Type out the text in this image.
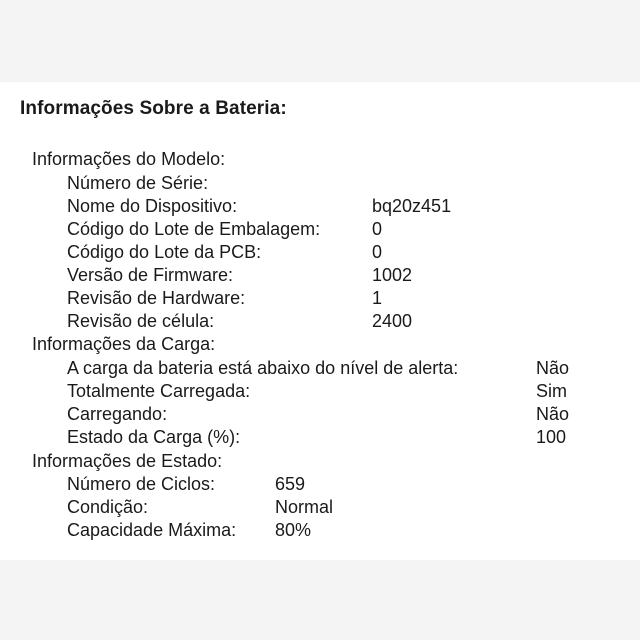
Informações Sobre a Bateria:
Informações do Modelo:
Número de Série:
Nome do Dispositivo:	bq20z451
Código do Lote de Embalagem:	0
Código do Lote da PCB:	0
Versão de Firmware:	1002
Revisão de Hardware:	1
Revisão de célula:	2400
Informações da Carga:
A carga da bateria está abaixo do nível de alerta:	Não
Totalmente Carregada:	Sim
Carregando:	Não
Estado da Carga (%):	100
Informações de Estado:
Número de Ciclos:	659
Condição:	Normal
Capacidade Máxima: 80%
